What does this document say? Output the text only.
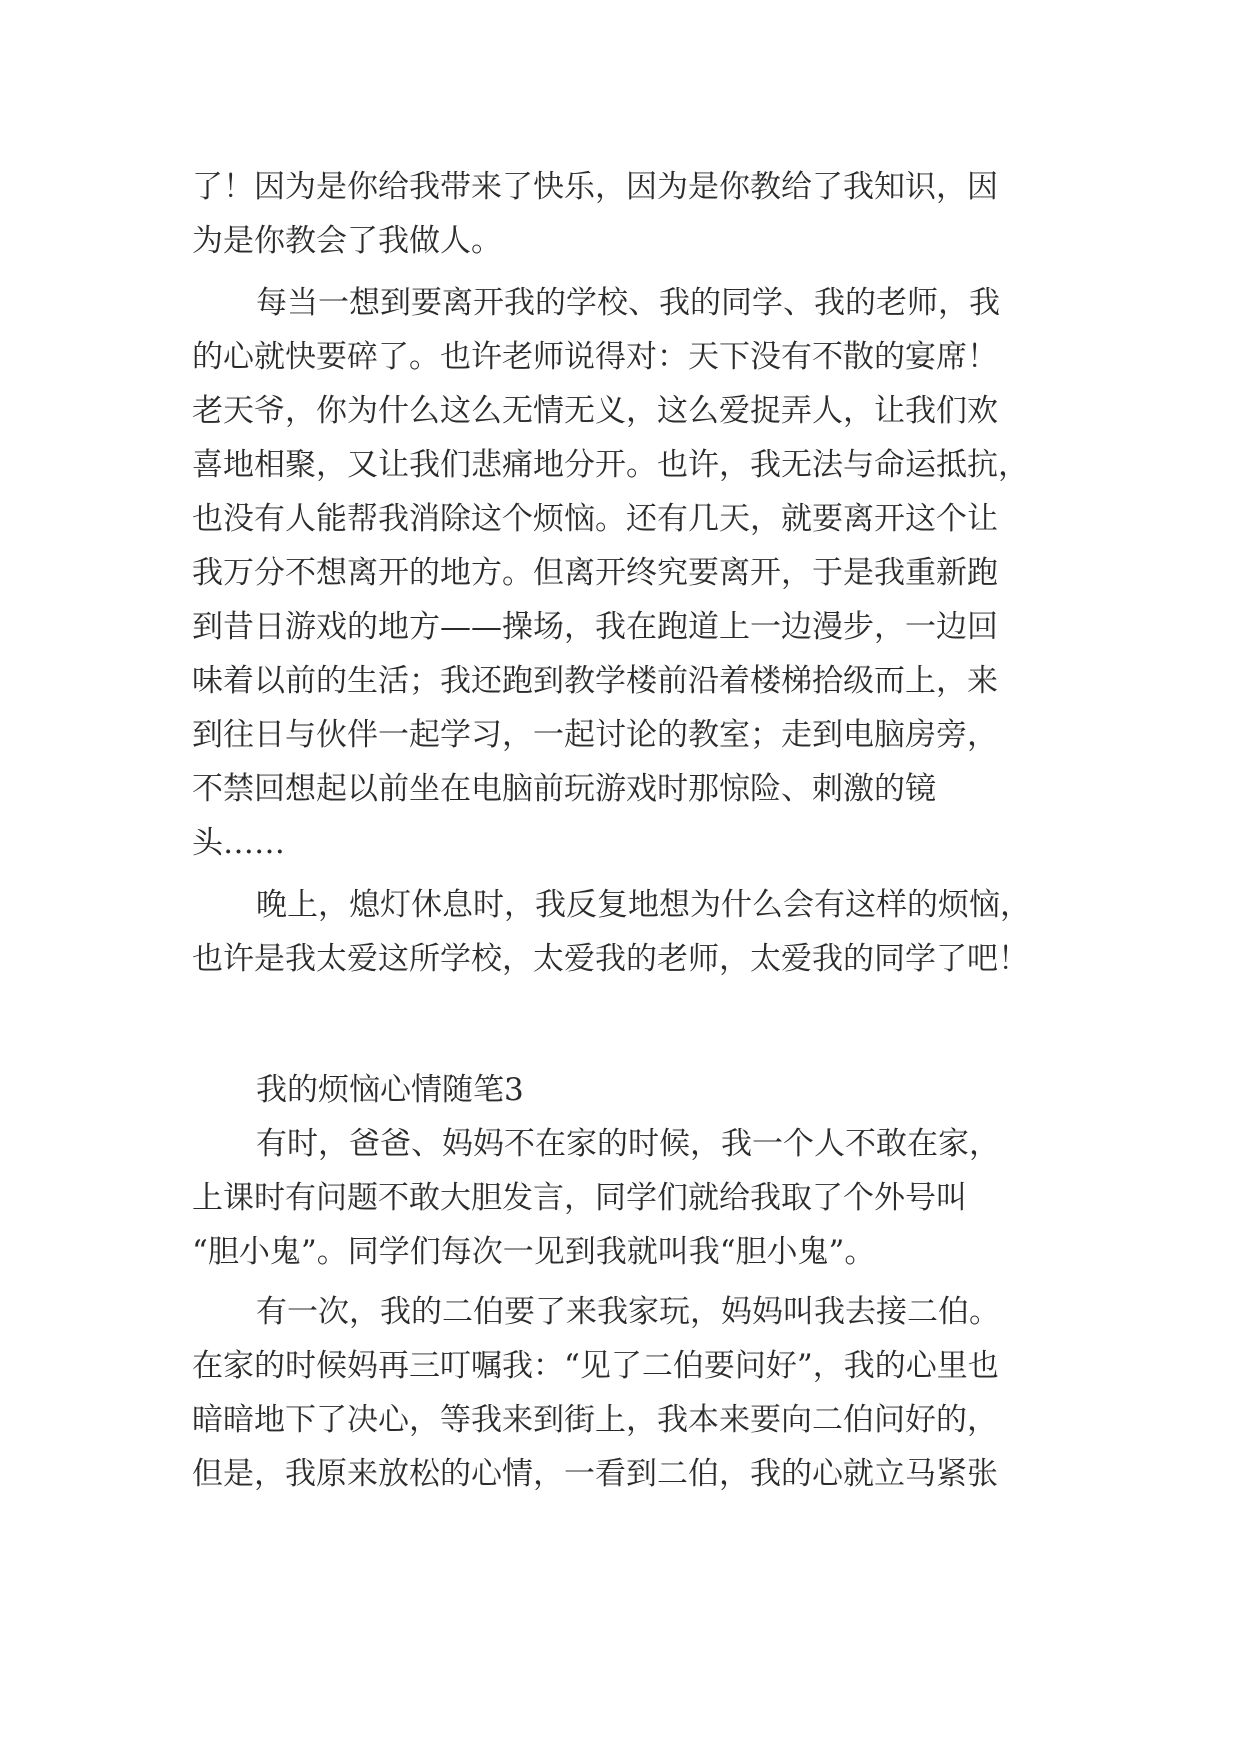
了！因为是你给我带来了快乐，因为是你教给了我知识，因
为是你教会了我做人。
每当一想到要离开我的学校、我的同学、我的老师，我
的心就快要碎了。也许老师说得对：天下没有不散的宴席！
老天爷，你为什么这么无情无义，这么爱捉弄人，让我们欢
喜地相聚，又让我们悲痛地分开。也许，我无法与命运抵抗，
也没有人能帮我消除这个烦恼。还有几天，就要离开这个让
我万分不想离开的地方。但离开终究要离开，于是我重新跑
到昔日游戏的地方——操场，我在跑道上一边漫步，一边回
味着以前的生活；我还跑到教学楼前沿着楼梯拾级而上，来
到往日与伙伴一起学习，一起讨论的教室；走到电脑房旁，
不禁回想起以前坐在电脑前玩游戏时那惊险、刺激的镜
头……
晚上，熄灯休息时，我反复地想为什么会有这样的烦恼，
也许是我太爱这所学校，太爱我的老师，太爱我的同学了吧！
我的烦恼心情随笔3
有时，爸爸、妈妈不在家的时候，我一个人不敢在家，
上课时有问题不敢大胆发言，同学们就给我取了个外号叫
“胆小鬼”。同学们每次一见到我就叫我“胆小鬼”。
有一次，我的二伯要了来我家玩，妈妈叫我去接二伯。
在家的时候妈再三叮嘱我：“见了二伯要问好”，我的心里也
暗暗地下了决心，等我来到街上，我本来要向二伯问好的，
但是，我原来放松的心情，一看到二伯，我的心就立马紧张
